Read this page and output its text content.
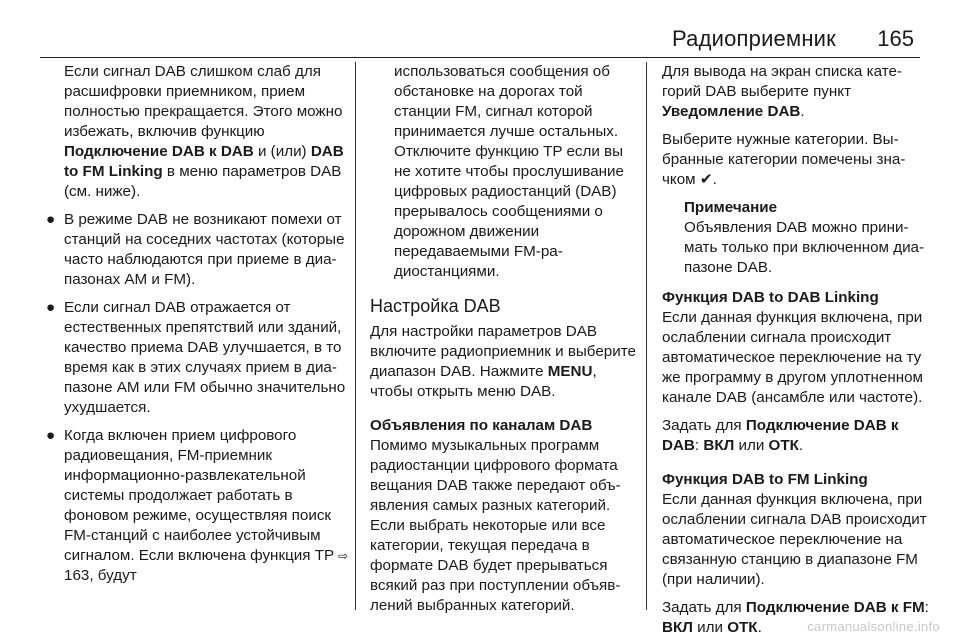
Радиоприемник 165

Если сигнал DAB слишком слаб для расшифровки приемником, прием полностью прекращается. Этого можно избежать, включив функцию Подключение DAB к DAB и (или) DAB to FM Linking в меню параметров DAB (см. ниже).

● В режиме DAB не возникают помехи от станций на соседних частотах (которые часто наблюдаются при приеме в диапазонах AM и FM).
● Если сигнал DAB отражается от естественных препятствий или зданий, качество приема DAB улучшается, в то время как в этих случаях прием в диапазоне AM или FM обычно значительно ухудшается.
● Когда включен прием цифрового радиовещания, FM-приемник информационно-развлекательной системы продолжает работать в фоновом режиме, осуществляя поиск FM-станций с наиболее устойчивым сигналом. Если включена функция TP ⇨ 163, будут

использоваться сообщения об обстановке на дорогах той станции FM, сигнал которой принимается лучше остальных. Отключите функцию TP если вы не хотите чтобы прослушивание цифровых радиостанций (DAB) прерывалось сообщениями о дорожном движении передаваемыми FM-радиостанциями.

Настройка DAB

Для настройки параметров DAB включите радиоприемник и выберите диапазон DAB. Нажмите MENU, чтобы открыть меню DAB.

Объявления по каналам DAB

Помимо музыкальных программ радиостанции цифрового формата вещания DAB также передают объявления самых разных категорий. Если выбрать некоторые или все категории, текущая передача в формате DAB будет прерываться всякий раз при поступлении объявлений выбранных категорий.

Для вывода на экран списка категорий DAB выберите пункт Уведомление DAB.

Выберите нужные категории. Выбранные категории помечены значком ✔.

Примечание
Объявления DAB можно принимать только при включенном диапазоне DAB.
Функция DAB to DAB Linking

Если данная функция включена, при ослаблении сигнала происходит автоматическое переключение на ту же программу в другом уплотненном канале DAB (ансамбле или частоте).

Задать для Подключение DAB к DAB: ВКЛ или ОТК.

Функция DAB to FM Linking

Если данная функция включена, при ослаблении сигнала DAB происходит автоматическое переключение на связанную станцию в диапазоне FM (при наличии).

Задать для Подключение DAB к FM: ВКЛ или ОТК.	carmanualsonline.info
